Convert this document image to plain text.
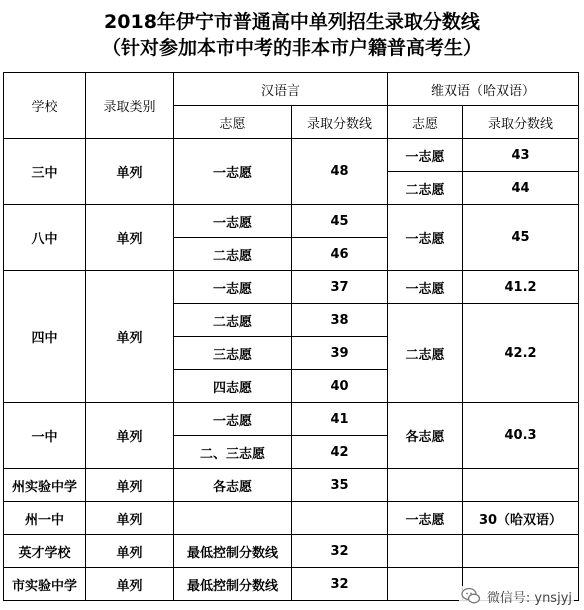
2018年伊宁市普通高中单列招生录取分数线
（针对参加本市中考的非本市户籍普高考生）
学校	录取类别	汉语言		维双语（哈双语）	
		志愿	录取分数线	志愿	录取分数线
三中	单列	一志愿	48	一志愿	43
				二志愿	44
八中	单列	一志愿	45	一志愿	45
		二志愿	46		
四中	单列	一志愿	37	一志愿	41.2
		二志愿	38	二志愿	42.2
		三志愿	39		
		四志愿	40		
一中	单列	一志愿	41	各志愿	40.3
		二、三志愿	42		
州实验中学	单列	各志愿	35		
州一中	单列			一志愿	30（哈双语）
英才学校	单列	最低控制分数线	32		
市实验中学	单列	最低控制分数线	32		
微信号: ynsjyj
